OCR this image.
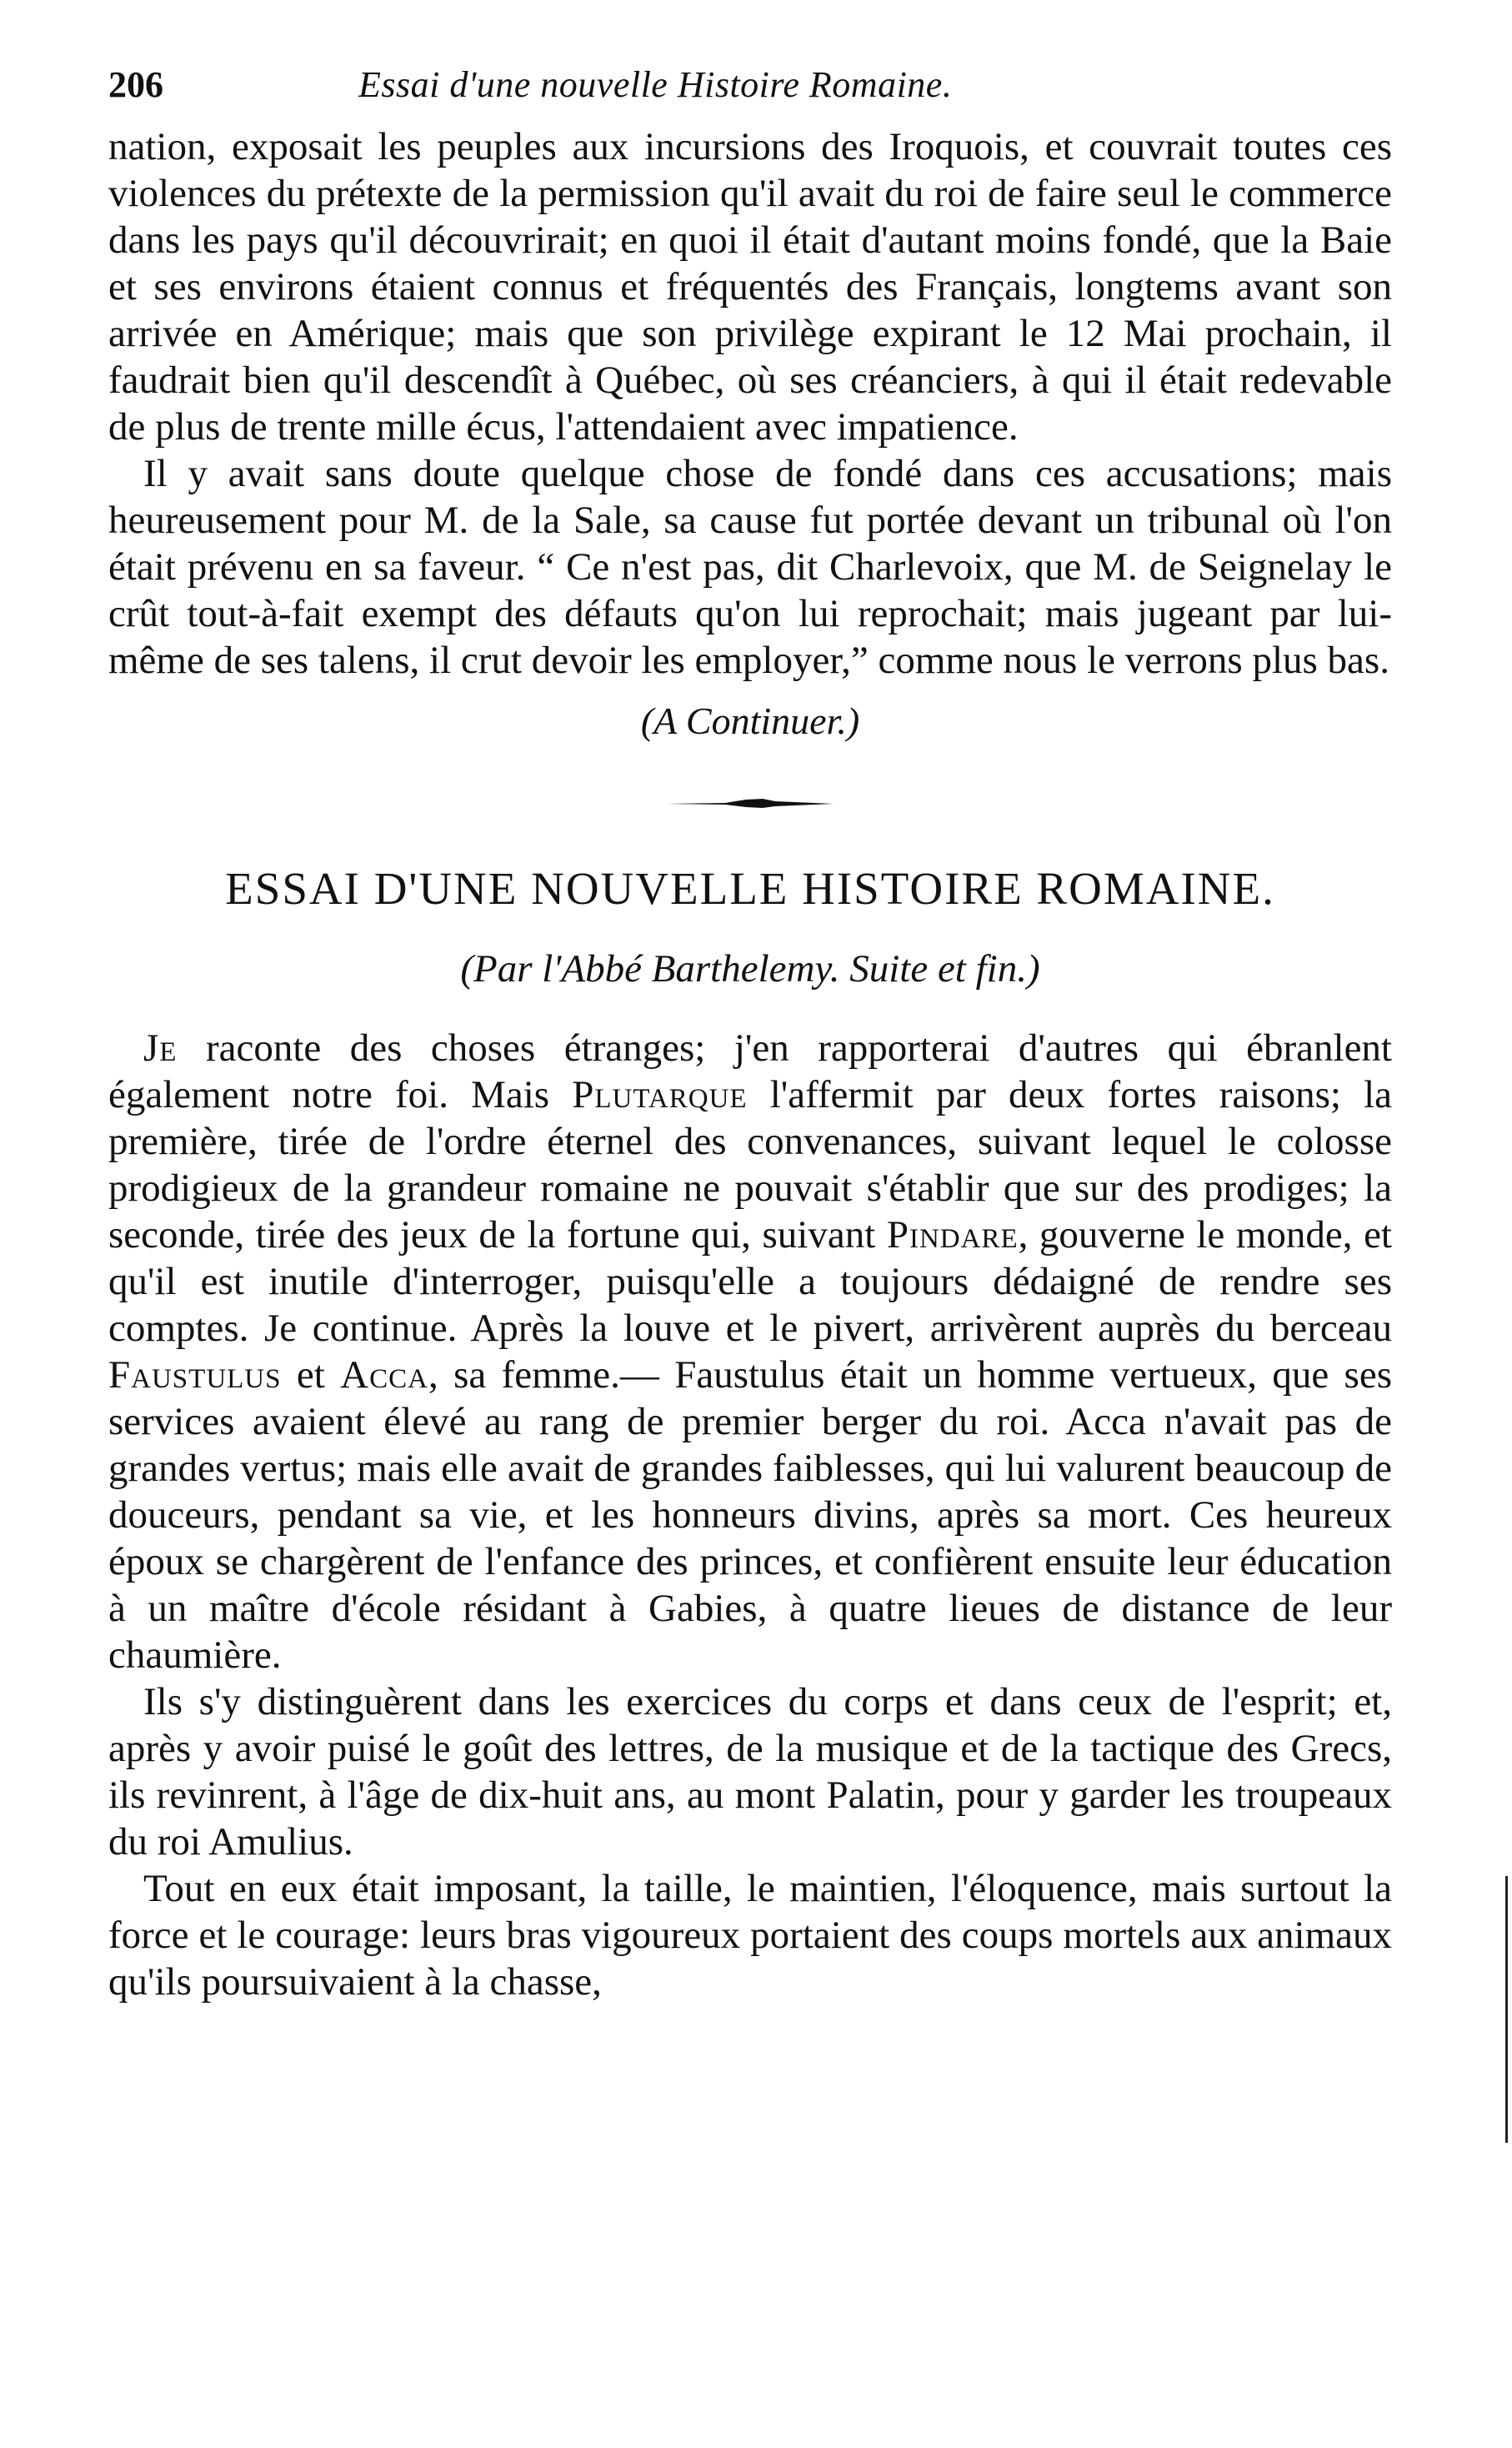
206	Essai d'une nouvelle Histoire Romaine.

nation, exposait les peuples aux incursions des Iroquois, et couvrait toutes ces violences du prétexte de la permission qu'il avait du roi de faire seul le commerce dans les pays qu'il découvrirait; en quoi il était d'autant moins fondé, que la Baie et ses environs étaient connus et fréquentés des Français, longtems avant son arrivée en Amérique; mais que son privilège expirant le 12 Mai prochain, il faudrait bien qu'il descendît à Québec, où ses créanciers, à qui il était redevable de plus de trente mille écus, l'attendaient avec impatience.

Il y avait sans doute quelque chose de fondé dans ces accusations; mais heureusement pour M. de la Sale, sa cause fut portée devant un tribunal où l'on était prévenu en sa faveur. “ Ce n'est pas, dit Charlevoix, que M. de Seignelay le crût tout-à-fait exempt des défauts qu'on lui reprochait; mais jugeant par lui-même de ses talens, il crut devoir les employer,” comme nous le verrons plus bas.

(A Continuer.)
ESSAI D'UNE NOUVELLE HISTOIRE ROMAINE.
(Par l'Abbé Barthelemy. Suite et fin.)

Je raconte des choses étranges; j'en rapporterai d'autres qui ébranlent également notre foi. Mais Plutarque l'affermit par deux fortes raisons; la première, tirée de l'ordre éternel des convenances, suivant lequel le colosse prodigieux de la grandeur romaine ne pouvait s'établir que sur des prodiges; la seconde, tirée des jeux de la fortune qui, suivant Pindare, gouverne le monde, et qu'il est inutile d'interroger, puisqu'elle a toujours dédaigné de rendre ses comptes. Je continue. Après la louve et le pivert, arrivèrent auprès du berceau Faustulus et Acca, sa femme.— Faustulus était un homme vertueux, que ses services avaient élevé au rang de premier berger du roi. Acca n'avait pas de grandes vertus; mais elle avait de grandes faiblesses, qui lui valurent beaucoup de douceurs, pendant sa vie, et les honneurs divins, après sa mort. Ces heureux époux se chargèrent de l'enfance des princes, et confièrent ensuite leur éducation à un maître d'école résidant à Gabies, à quatre lieues de distance de leur chaumière.

Ils s'y distinguèrent dans les exercices du corps et dans ceux de l'esprit; et, après y avoir puisé le goût des lettres, de la musique et de la tactique des Grecs, ils revinrent, à l'âge de dix-huit ans, au mont Palatin, pour y garder les troupeaux du roi Amulius.

Tout en eux était imposant, la taille, le maintien, l'éloquence, mais surtout la force et le courage: leurs bras vigoureux portaient des coups mortels aux animaux qu'ils poursuivaient à la chasse,
